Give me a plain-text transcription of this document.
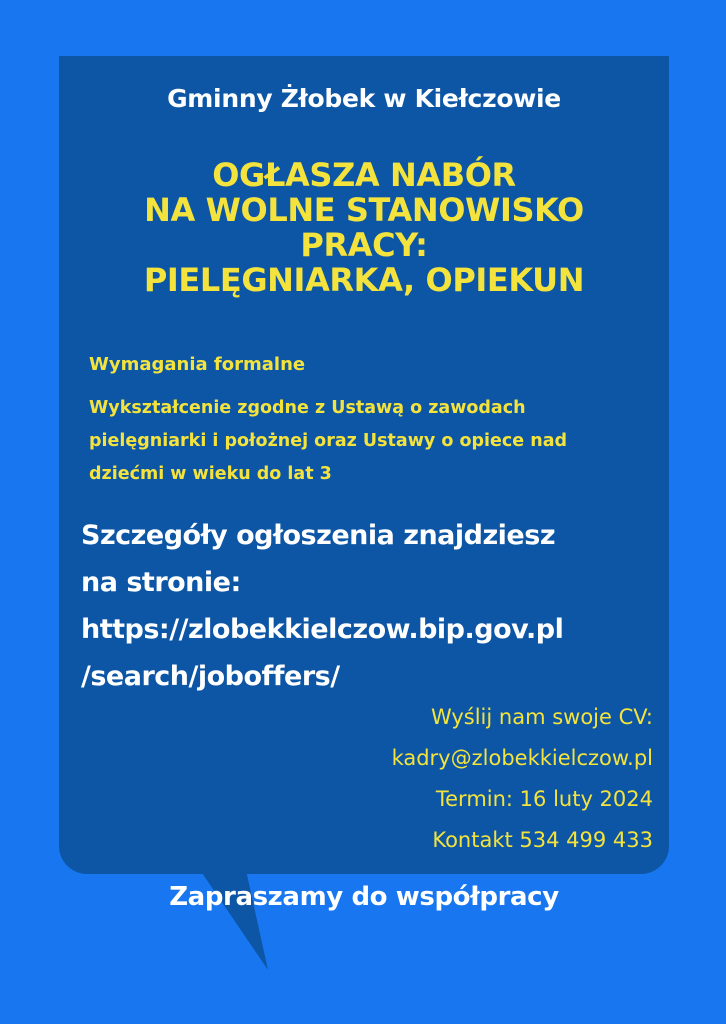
Gminny Żłobek w Kiełczowie

OGŁASZA NABÓR
NA WOLNE STANOWISKO
PRACY:
PIELĘGNIARKA, OPIEKUN

Wymagania formalne

Wykształcenie zgodne z Ustawą o zawodach
pielęgniarki i położnej oraz Ustawy o opiece nad
dziećmi w wieku do lat 3

Szczegóły ogłoszenia znajdziesz
na stronie:
https://zlobekkielczow.bip.gov.pl
/search/joboffers/

Wyślij nam swoje CV:
kadry@zlobekkielczow.pl
Termin: 16 luty 2024
Kontakt 534 499 433

Zapraszamy do współpracy
